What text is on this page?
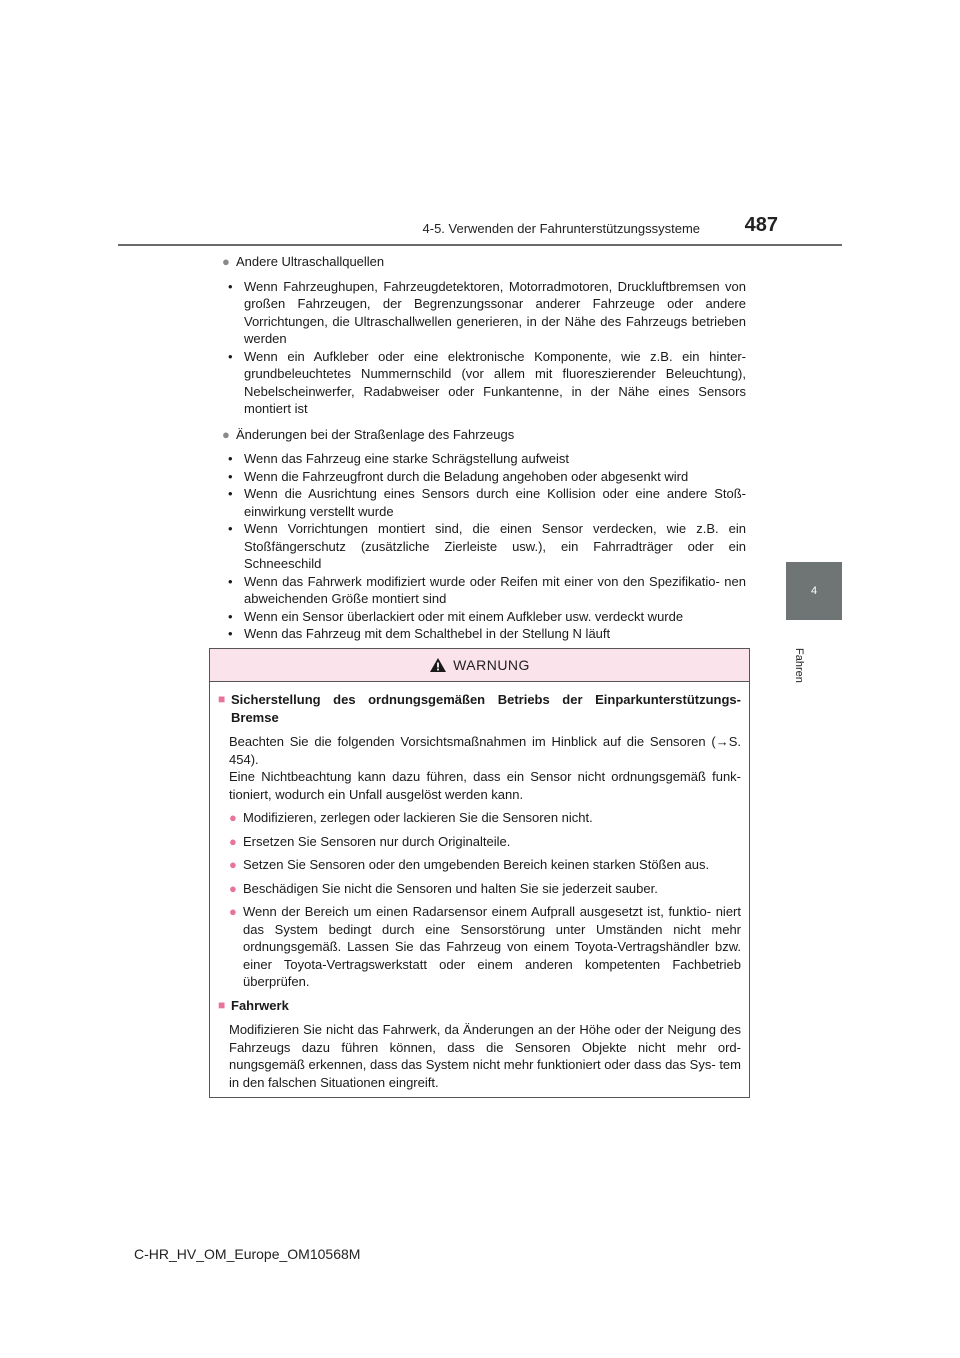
4-5. Verwenden der Fahrunterstützungssysteme	487
4
Fahren
● Andere Ultraschallquellen
• Wenn Fahrzeughupen, Fahrzeugdetektoren, Motorradmotoren, Druckluftbremsen von großen Fahrzeugen, der Begrenzungssonar anderer Fahrzeuge oder andere Vorrichtungen, die Ultraschallwellen generieren, in der Nähe des Fahrzeugs betrieben werden
• Wenn ein Aufkleber oder eine elektronische Komponente, wie z.B. ein hinter- grundbeleuchtetes Nummernschild (vor allem mit fluoreszierender Beleuchtung), Nebelscheinwerfer, Radabweiser oder Funkantenne, in der Nähe eines Sensors montiert ist
● Änderungen bei der Straßenlage des Fahrzeugs
• Wenn das Fahrzeug eine starke Schrägstellung aufweist
• Wenn die Fahrzeugfront durch die Beladung angehoben oder abgesenkt wird
• Wenn die Ausrichtung eines Sensors durch eine Kollision oder eine andere Stoß- einwirkung verstellt wurde
• Wenn Vorrichtungen montiert sind, die einen Sensor verdecken, wie z.B. ein Stoßfängerschutz (zusätzliche Zierleiste usw.), ein Fahrradträger oder ein Schneeschild
• Wenn das Fahrwerk modifiziert wurde oder Reifen mit einer von den Spezifikatio- nen abweichenden Größe montiert sind
• Wenn ein Sensor überlackiert oder mit einem Aufkleber usw. verdeckt wurde
• Wenn das Fahrzeug mit dem Schalthebel in der Stellung N läuft
WARNUNG
■ Sicherstellung des ordnungsgemäßen Betriebs der Einparkunterstützungs- Bremse
Beachten Sie die folgenden Vorsichtsmaßnahmen im Hinblick auf die Sensoren (→S. 454).
Eine Nichtbeachtung kann dazu führen, dass ein Sensor nicht ordnungsgemäß funk- tioniert, wodurch ein Unfall ausgelöst werden kann.
● Modifizieren, zerlegen oder lackieren Sie die Sensoren nicht.
● Ersetzen Sie Sensoren nur durch Originalteile.
● Setzen Sie Sensoren oder den umgebenden Bereich keinen starken Stößen aus.
● Beschädigen Sie nicht die Sensoren und halten Sie sie jederzeit sauber.
● Wenn der Bereich um einen Radarsensor einem Aufprall ausgesetzt ist, funktio- niert das System bedingt durch eine Sensorstörung unter Umständen nicht mehr ordnungsgemäß. Lassen Sie das Fahrzeug von einem Toyota-Vertragshändler bzw. einer Toyota-Vertragswerkstatt oder einem anderen kompetenten Fachbetrieb überprüfen.
■ Fahrwerk
Modifizieren Sie nicht das Fahrwerk, da Änderungen an der Höhe oder der Neigung des Fahrzeugs dazu führen können, dass die Sensoren Objekte nicht mehr ord- nungsgemäß erkennen, dass das System nicht mehr funktioniert oder dass das Sys- tem in den falschen Situationen eingreift.
C-HR_HV_OM_Europe_OM10568M
